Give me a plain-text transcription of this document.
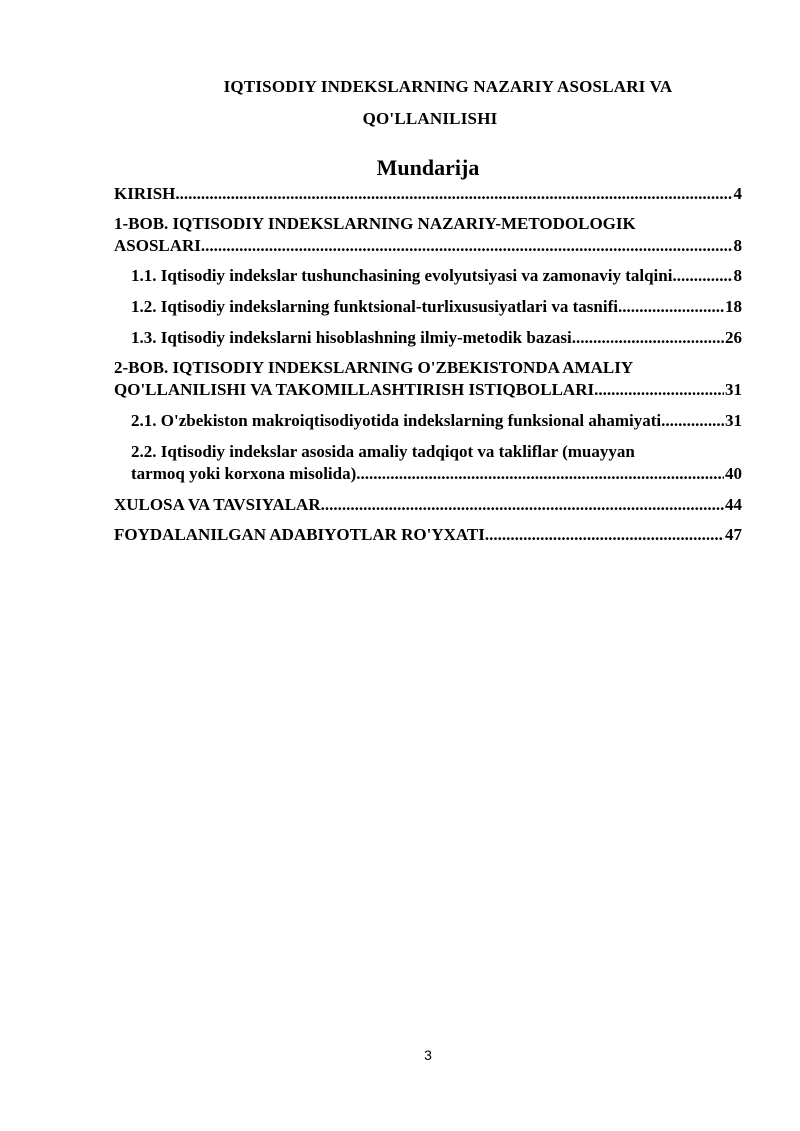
IQTISODIY INDEKSLARNING NAZARIY ASOSLARI VA
QO'LLANILISHI
Mundarija
KIRISH .....	4
1-BOB. IQTISODIY INDEKSLARNING NAZARIY-METODOLOGIK
ASOSLARI .....	8
1.1. Iqtisodiy indekslar tushunchasining evolyutsiyasi va zamonaviy talqini .....	8
1.2. Iqtisodiy indekslarning funktsional-turlixususiyatlari va tasnifi .....	18
1.3. Iqtisodiy indekslarni hisoblashning ilmiy-metodik bazasi .....	26
2-BOB. IQTISODIY INDEKSLARNING O'ZBEKISTONDA AMALIY
QO'LLANILISHI VA TAKOMILLASHTIRISH ISTIQBOLLARI .....	31
2.1. O'zbekiston makroiqtisodiyotida indekslarning funksional ahamiyati. .....	31
2.2. Iqtisodiy indekslar asosida amaliy tadqiqot va takliflar (muayyan
tarmoq yoki korxona misolida) .....	40
XULOSA VA TAVSIYALAR .....	44
FOYDALANILGAN ADABIYOTLAR RO'YXATI .....	47
3
